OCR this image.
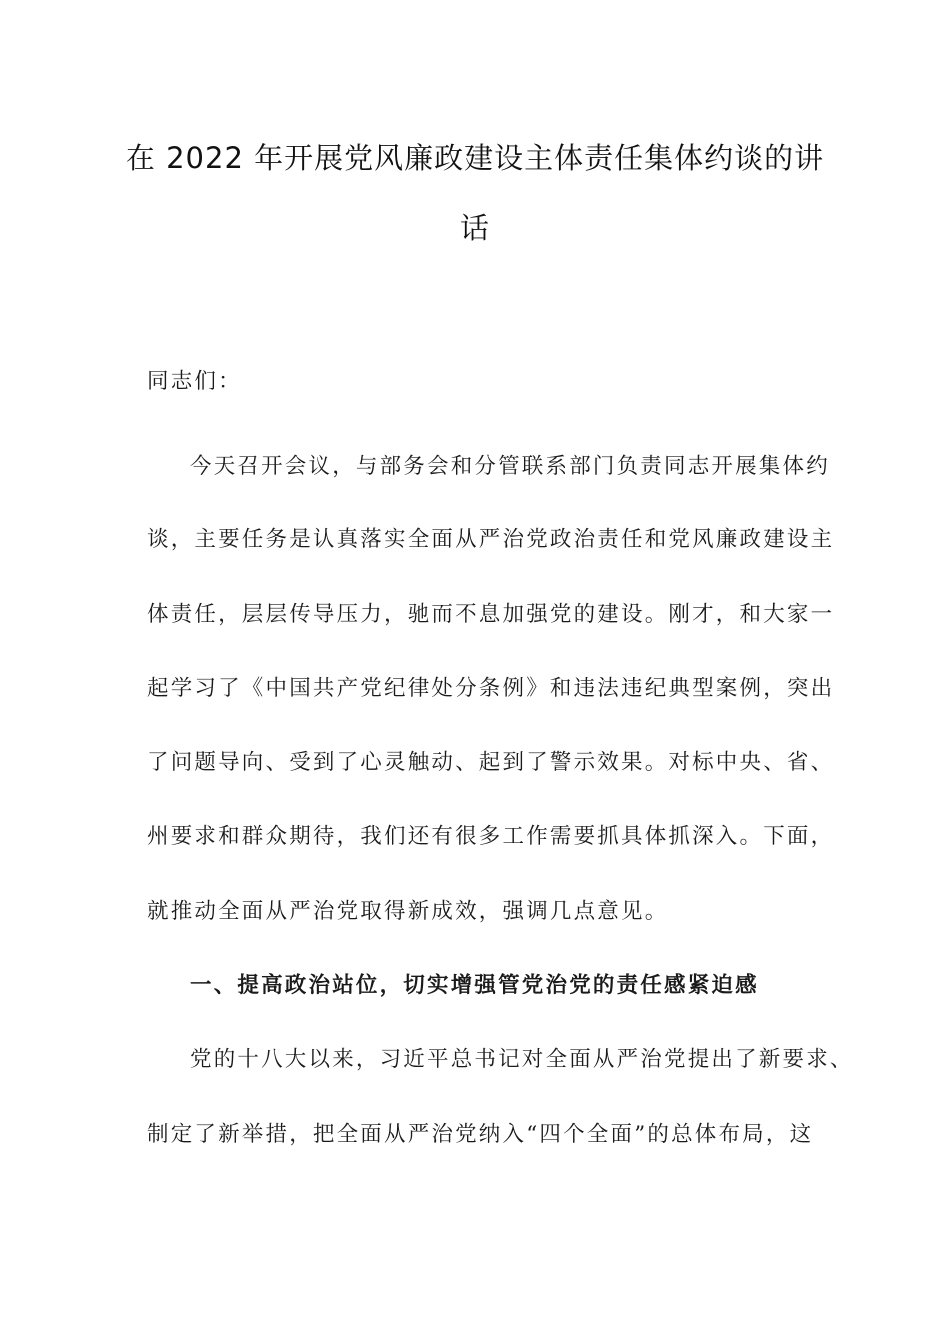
在 2022 年开展党风廉政建设主体责任集体约谈的讲
话
同志们：
今天召开会议，与部务会和分管联系部门负责同志开展集体约
谈，主要任务是认真落实全面从严治党政治责任和党风廉政建设主
体责任，层层传导压力，驰而不息加强党的建设。刚才，和大家一
起学习了《中国共产党纪律处分条例》和违法违纪典型案例，突出
了问题导向、受到了心灵触动、起到了警示效果。对标中央、省、
州要求和群众期待，我们还有很多工作需要抓具体抓深入。下面，
就推动全面从严治党取得新成效，强调几点意见。
一、提高政治站位，切实增强管党治党的责任感紧迫感
党的十八大以来，习近平总书记对全面从严治党提出了新要求、
制定了新举措，把全面从严治党纳入“四个全面”的总体布局，这
